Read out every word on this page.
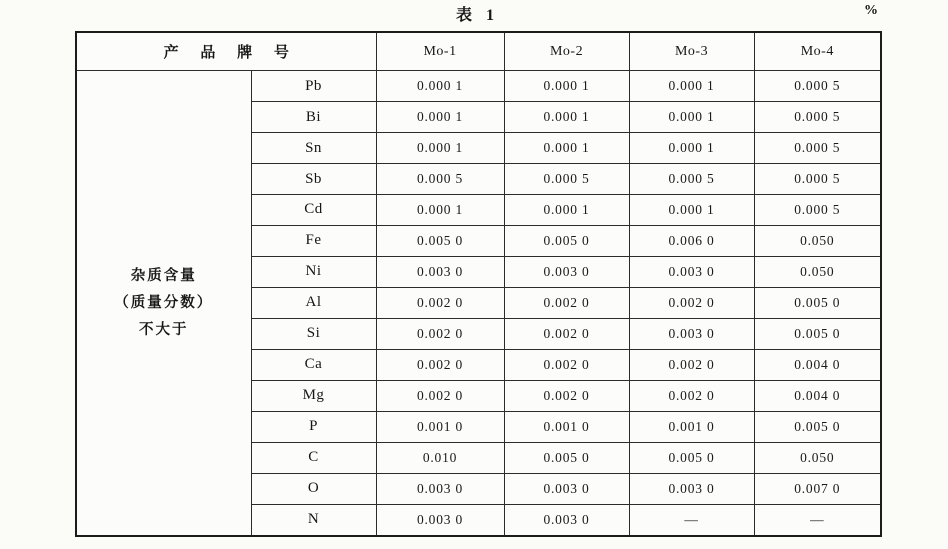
表 1	%
产 品 牌 号		Mo-1	Mo-2	Mo-3	Mo-4

杂质含量
（质量分数）
不大于	Pb	0.000 1	0.000 1	0.000 1	0.000 5
	Bi	0.000 1	0.000 1	0.000 1	0.000 5
	Sn	0.000 1	0.000 1	0.000 1	0.000 5
	Sb	0.000 5	0.000 5	0.000 5	0.000 5
	Cd	0.000 1	0.000 1	0.000 1	0.000 5
	Fe	0.005 0	0.005 0	0.006 0	0.050
	Ni	0.003 0	0.003 0	0.003 0	0.050
	Al	0.002 0	0.002 0	0.002 0	0.005 0
	Si	0.002 0	0.002 0	0.003 0	0.005 0
	Ca	0.002 0	0.002 0	0.002 0	0.004 0
	Mg	0.002 0	0.002 0	0.002 0	0.004 0
	P	0.001 0	0.001 0	0.001 0	0.005 0
	C	0.010	0.005 0	0.005 0	0.050
	O	0.003 0	0.003 0	0.003 0	0.007 0
	N	0.003 0	0.003 0	—	—
